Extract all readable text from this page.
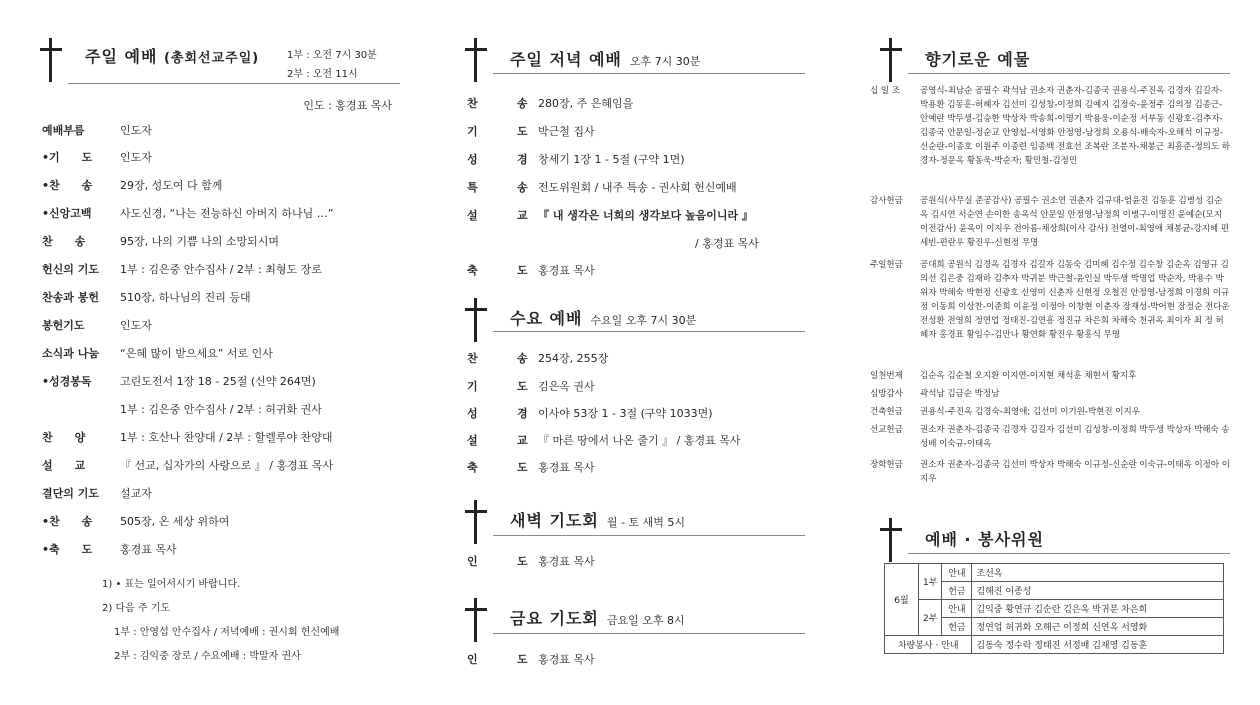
주일 예배 (총회선교주일)	1부 : 오전 7시 30분
2부 : 오전 11시
인도 : 홍경표 목사
예배부름	인도자
•기　　도	인도자
•찬　　송	29장, 성도여 다 함께
•신앙고백	사도신경, “나는 전능하신 아버지 하나님 …”
찬　　송	95장, 나의 기쁨 나의 소망되시며
헌신의 기도	1부 : 김은중 안수집사 / 2부 : 최형도 장로
찬송과 봉헌	510장, 하나님의 진리 등대
봉헌기도	인도자
소식과 나눔	“은혜 많이 받으세요” 서로 인사
•성경봉독	고린도전서 1장 18 - 25절 (신약 264면)
1부 : 김은중 안수집사 / 2부 : 허귀화 권사
찬　　양	1부 : 호산나 찬양대 / 2부 : 할렐루야 찬양대
설　　교	『 선교, 십자가의 사랑으로 』 / 홍경표 목사
결단의 기도	설교자
•찬　　송	505장, 온 세상 위하여
•축　　도	홍경표 목사
1) • 표는 일어서시기 바랍니다.
2) 다음 주 기도
1부 : 안영섭 안수집사 / 저녁예배 : 권시회 헌신예배
2부 : 김익중 장로 / 수요예배 : 박말자 권사
주일 저녁 예배 오후 7시 30분
찬	송 280장, 주 은혜임을
기	도 박근철 집사
성	경 창세기 1장 1 - 5절 (구약 1면)
특	송 전도위원회 / 내주 특송 - 권사회 헌신예배
설	교 『 내 생각은 너희의 생각보다 높음이니라 』
/ 홍경표 목사
축	도 홍경표 목사
수요 예배 수요일 오후 7시 30분
찬	송 254장, 255장
기	도 김은옥 권사
성	경 이사야 53장 1 - 3절 (구약 1033면)
설	교 『 마른 땅에서 나온 줄기 』 / 홍경표 목사
축	도 홍경표 목사
새벽 기도회 월 - 토 새벽 5시
인	도 홍경표 목사
금요 기도회 금요일 오후 8시
인	도 홍경표 목사
향기로운 예물
십 일 조	공영식-최남순 공필수 곽석남 권소자 권춘자-김종국 권용식-주진옥 김경자 김길자-박용환 김동훈-허혜자 김선미 김성창-이정희 김예지 김정숙-윤정주 김의정 김종근-안예란 박두생-김승한 박상자 박송희-이명기 박용웅-이순정 서부동 신광호-김추자-김종국 안문일-정순교 안영섭-서영화 안정영-남정희 오용식-배숙자-오해석 이규정-신순란-이종호 이원주 이종련 임종백 전효선 조복란 조분자-채봉근 최흥준-정의도 하경자-정문옥 황동욱-박순자; 황민철-김정민
감사헌금	공원식(사무실 준공감사) 공필수 권소연 권춘자 김규대-엄윤진 김동훈 김병성 김순옥 김시연 서순연 손이한 송옥석 안문일 안정영-남정희 이병구-이명진 윤예순(모지이전감사) 윤옥이 이지우 전아름-채상희(이사 감사) 전열이-최영애 채봉균-강지혜 편세빈-편란우 황진우-신현정 무명
주일헌금	공대희 공원식 김경옥 김경자 김길자 김동숙 김미혜 김수정 김수창 김순옥 김영규 김의선 김은중 김재하 김추자 박귀분 박근철-윤인실 박두생 박명업 박순자, 박용수 박위자 박해숙 박현정 신광호 신영미 신춘자 신현정 오철진 안정영-남정희 이경희 이규정 이동희 이상찬-이준희 이윤정 이정아 이창현 이춘자 장재성-박어현 장정순 전다운 전성환 전영희 정연업 정태진-김연흥 정진규 차은희 차해숙 천귀옥 최이자 최 정 허혜자 홍경표 황임수-김만나 황연화 황진우 황흥식 무명
일천번제	김순옥 김순철 오지환 이지연-이지현 채석훈 채현서 황지후
심방감사	곽석남 김금순 박정남
건축헌금	권용식-주진옥 김경숙-최영애; 김선미 이기원-박현진 이지우
선교헌금	권소자 권춘자-김종국 김경자 김길자 김선미 김성창-이정희 박두생 박상자 박해숙 송성배 이숙규-이태옥
장학헌금	권소자 권춘자-김종국 김선미 박상자 박해숙 이규정-신순란 이숙규-이태옥 이정아 이지우
예배 · 봉사위원
6월	1부	안내	조선옥
		헌금	김해진 이종성
	2부	안내	김익중 황연규 김순란 김은옥 박귀분 차은희
		헌금	정연업 허귀화 오해근 이정희 신연옥 서영화
차량봉사 · 안내			김동숙 정수락 정태진 서정배 김재영 김동훈
